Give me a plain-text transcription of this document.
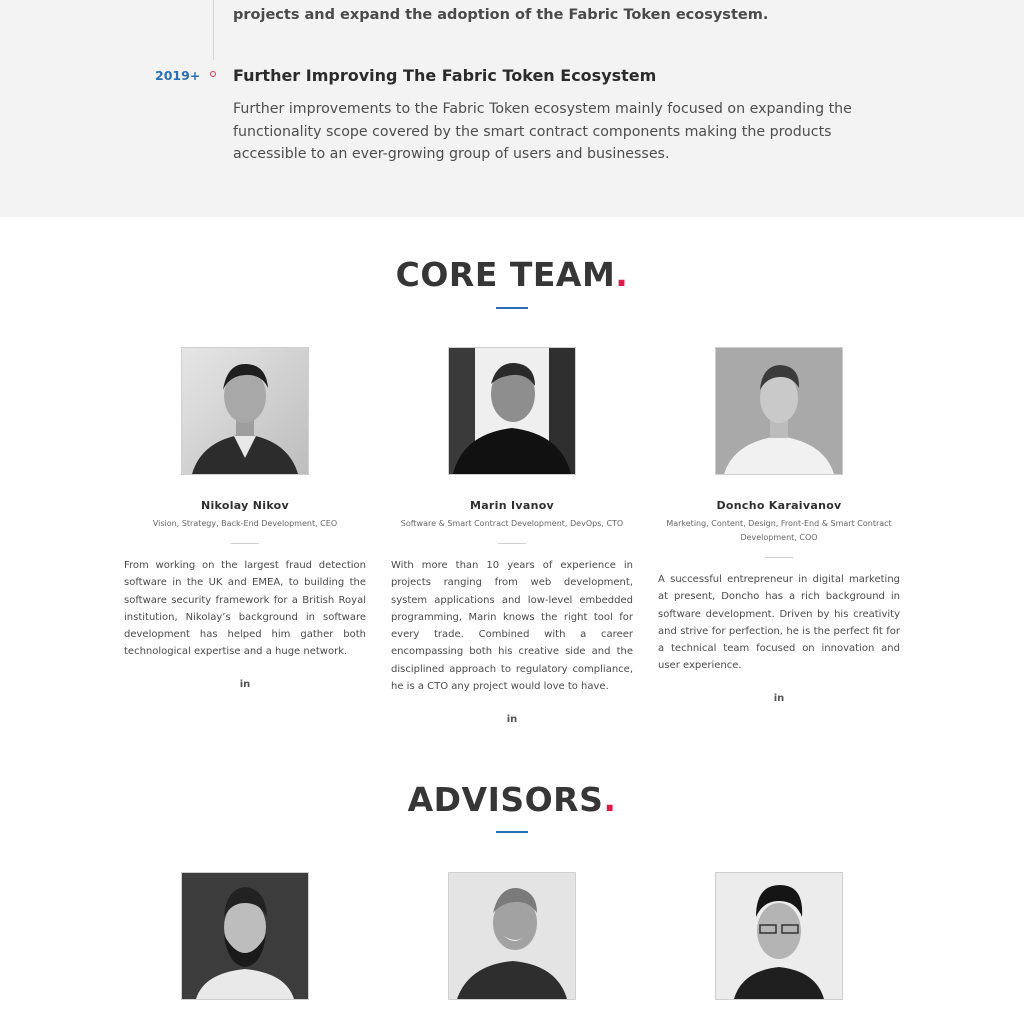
projects and expand the adoption of the Fabric Token ecosystem.
2019+ Further Improving The Fabric Token Ecosystem
Further improvements to the Fabric Token ecosystem mainly focused on expanding the functionality scope covered by the smart contract components making the products accessible to an ever-growing group of users and businesses.
CORE TEAM.
Nikolay Nikov
Vision, Strategy, Back-End Development, CEO
From working on the largest fraud detection software in the UK and EMEA, to building the software security framework for a British Royal institution, Nikolay’s background in software development has helped him gather both technological expertise and a huge network.
in
Marin Ivanov
Software & Smart Contract Development, DevOps, CTO
With more than 10 years of experience in projects ranging from web development, system applications and low-level embedded programming, Marin knows the right tool for every trade. Combined with a career encompassing both his creative side and the disciplined approach to regulatory compliance, he is a CTO any project would love to have.
in
Doncho Karaivanov
Marketing, Content, Design, Front-End & Smart Contract Development, COO
A successful entrepreneur in digital marketing at present, Doncho has a rich background in software development. Driven by his creativity and strive for perfection, he is the perfect fit for a technical team focused on innovation and user experience.
in
ADVISORS.
